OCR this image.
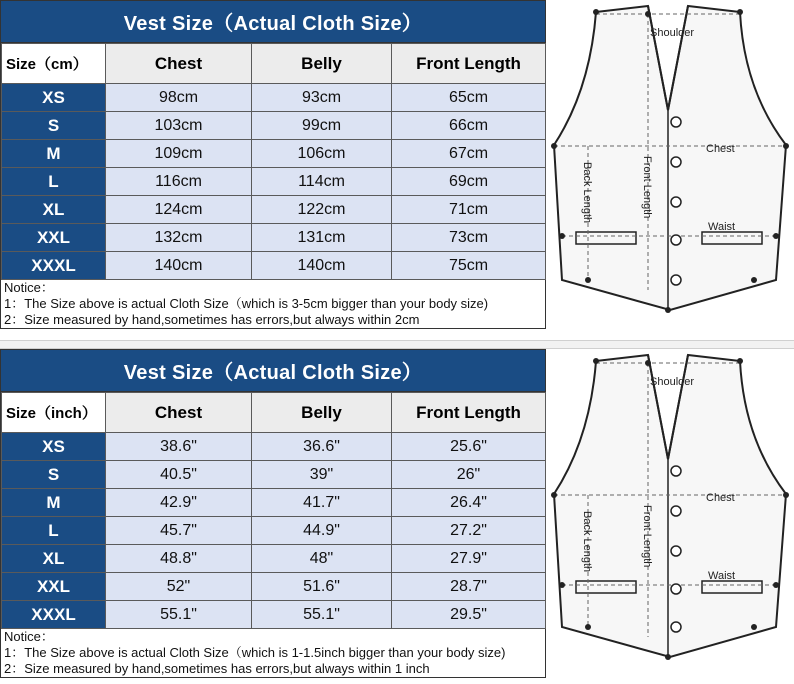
Vest Size（Actual Cloth Size）
Size（cm）	Chest	Belly	Front Length
XS	98cm	93cm	65cm
S	103cm	99cm	66cm
M	109cm	106cm	67cm
L	116cm	114cm	69cm
XL	124cm	122cm	71cm
XXL	132cm	131cm	73cm
XXXL	140cm	140cm	75cm
Notice：
1：The Size above is actual Cloth Size（which is 3-5cm bigger than your body size)
2：Size measured by hand,sometimes has errors,but always within 2cm
Shoulder
Chest
Waist
Back Length	Front Length
Vest Size（Actual Cloth Size）
Size（inch）	Chest	Belly	Front Length
XS	38.6"	36.6"	25.6"
S	40.5"	39"	26"
M	42.9"	41.7"	26.4"
L	45.7"	44.9"	27.2"
XL	48.8"	48"	27.9"
XXL	52"	51.6"	28.7"
XXXL	55.1"	55.1"	29.5"
Notice：
1：The Size above is actual Cloth Size（which is 1-1.5inch bigger than your body size)
2：Size measured by hand,sometimes has errors,but always within 1 inch
Shoulder
Chest
Waist
Back Length	Front Length
